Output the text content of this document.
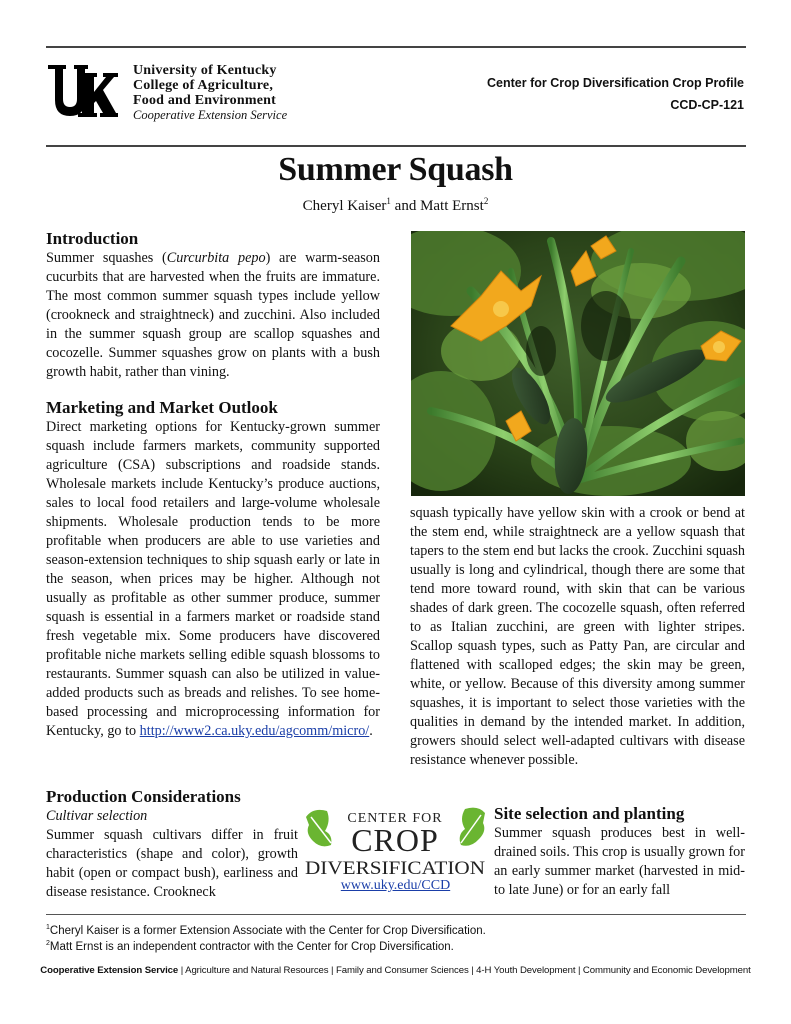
University of Kentucky
College of Agriculture,
Food and Environment
Cooperative Extension Service
Center for Crop Diversification Crop Profile
CCD-CP-121
Summer Squash
Cheryl Kaiser$^1$ and Matt Ernst$^2$
Introduction

Summer squashes (Curcurbita pepo) are warm-season cucurbits that are harvested when the fruits are immature. The most common summer squash types include yellow (crookneck and straightneck) and zucchini. Also included in the summer squash group are scallop squashes and cocozelle. Summer squashes grow on plants with a bush growth habit, rather than vining.

Marketing and Market Outlook

Direct marketing options for Kentucky-grown summer squash include farmers markets, community supported agriculture (CSA) subscriptions and roadside stands. Wholesale markets include Kentucky’s produce auctions, sales to local food retailers and large-volume wholesale shipments. Wholesale production tends to be more profitable when producers are able to use varieties and season-extension techniques to ship squash early or late in the season, when prices may be higher. Although not usually as profitable as other summer produce, summer squash is essential in a farmers market or roadside stand fresh vegetable mix. Some producers have discovered profitable niche markets selling edible squash blossoms to restaurants. Summer squash can also be utilized in value-added products such as breads and relishes. To see home-based processing and microprocessing information for Kentucky, go to http://www2.ca.uky.edu/agcomm/micro/.

Production Considerations

Cultivar selection

Summer squash cultivars differ in fruit characteristics (shape and color), growth habit (open or compact bush), earliness and disease resistance. Crookneck

squash typically have yellow skin with a crook or bend at the stem end, while straightneck are a yellow squash that tapers to the stem end but lacks the crook. Zucchini squash usually is long and cylindrical, though there are some that tend more toward round, with skin that can be various shades of dark green. The cocozelle squash, often referred to as Italian zucchini, are green with lighter stripes. Scallop squash types, such as Patty Pan, are circular and flattened with scalloped edges; the skin may be green, white, or yellow. Because of this diversity among summer squashes, it is important to select those varieties with the qualities in demand by the intended market. In addition, growers should select well-adapted cultivars with disease resistance whenever possible.

CENTER FOR
CROP
DIVERSIFICATION
www.uky.edu/CCD
Site selection and planting

Summer squash produces best in well-drained soils. This crop is usually grown for an early summer market (harvested in mid- to late June) or for an early fall

$^1$Cheryl Kaiser is a former Extension Associate with the Center for Crop Diversification.
$^2$Matt Ernst is an independent contractor with the Center for Crop Diversification.
Cooperative Extension Service | Agriculture and Natural Resources | Family and Consumer Sciences | 4-H Youth Development | Community and Economic Development
